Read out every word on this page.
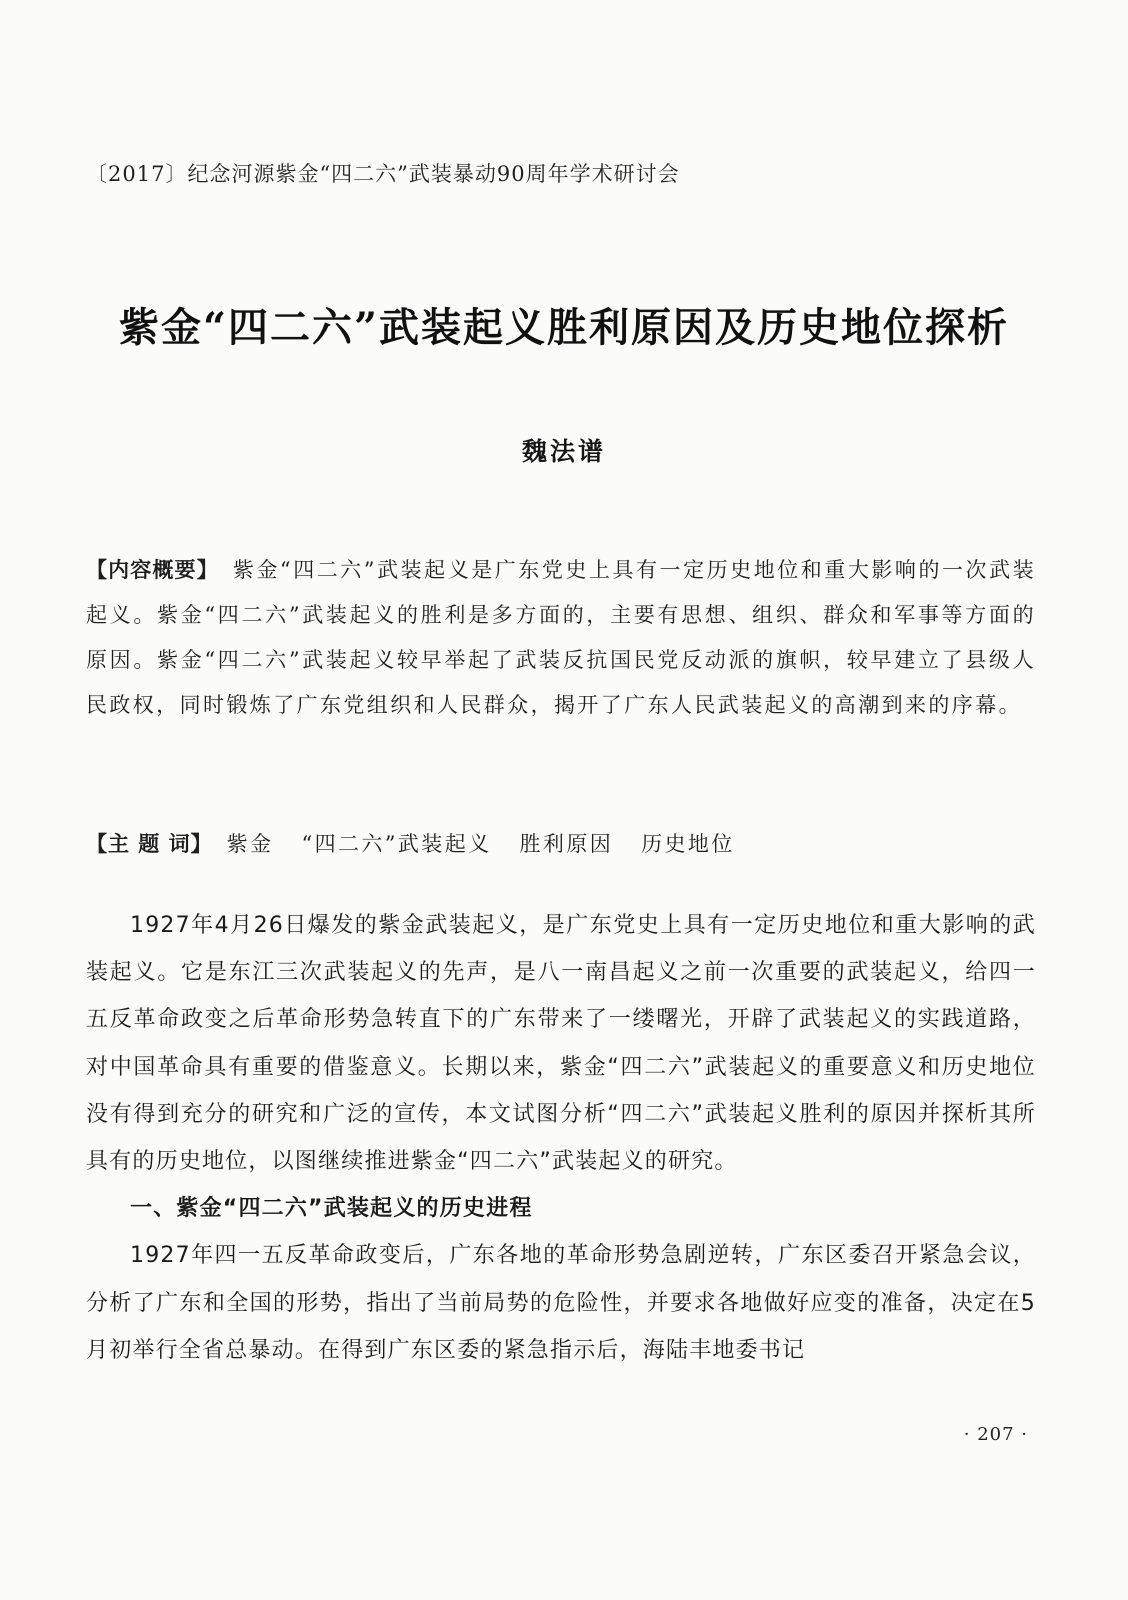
〔2017〕纪念河源紫金“四二六”武装暴动90周年学术研讨会
紫金“四二六”武装起义胜利原因及历史地位探析
魏法谱
【内容概要】 紫金“四二六”武装起义是广东党史上具有一定历史地位和重大影响的一次武装起义。紫金“四二六”武装起义的胜利是多方面的，主要有思想、组织、群众和军事等方面的原因。紫金“四二六”武装起义较早举起了武装反抗国民党反动派的旗帜，较早建立了县级人民政权，同时锻炼了广东党组织和人民群众，揭开了广东人民武装起义的高潮到来的序幕。
【主 题 词】 紫金 “四二六”武装起义 胜利原因 历史地位

1927年4月26日爆发的紫金武装起义，是广东党史上具有一定历史地位和重大影响的武装起义。它是东江三次武装起义的先声，是八一南昌起义之前一次重要的武装起义，给四一五反革命政变之后革命形势急转直下的广东带来了一缕曙光，开辟了武装起义的实践道路，对中国革命具有重要的借鉴意义。长期以来，紫金“四二六”武装起义的重要意义和历史地位没有得到充分的研究和广泛的宣传，本文试图分析“四二六”武装起义胜利的原因并探析其所具有的历史地位，以图继续推进紫金“四二六”武装起义的研究。

一、紫金“四二六”武装起义的历史进程

1927年四一五反革命政变后，广东各地的革命形势急剧逆转，广东区委召开紧急会议，分析了广东和全国的形势，指出了当前局势的危险性，并要求各地做好应变的准备，决定在5月初举行全省总暴动。在得到广东区委的紧急指示后，海陆丰地委书记

· 207 ·
